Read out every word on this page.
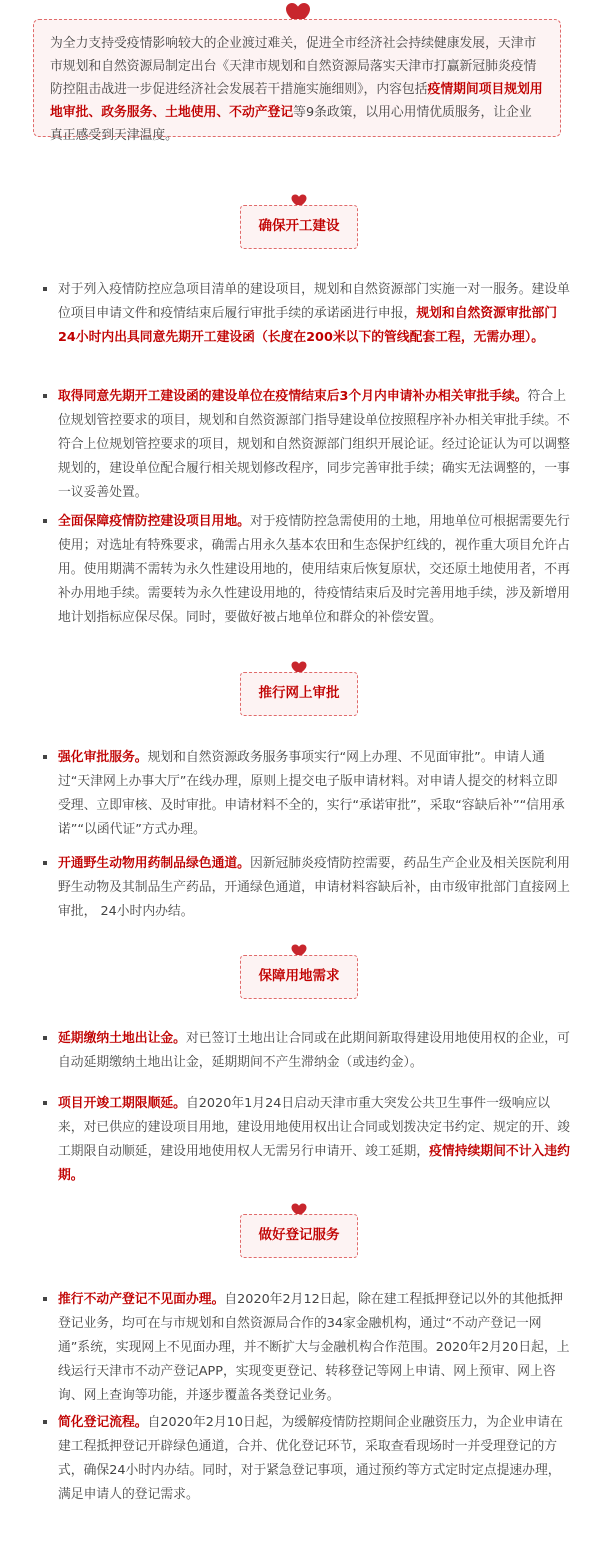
为全力支持受疫情影响较大的企业渡过难关，促进全市经济社会持续健康发展，天津市市规划和自然资源局制定出台《天津市规划和自然资源局落实天津市打赢新冠肺炎疫情防控阻击战进一步促进经济社会发展若干措施实施细则》，内容包括疫情期间项目规划用地审批、政务服务、土地使用、不动产登记等9条政策，以用心用情优质服务，让企业真正感受到天津温度。
确保开工建设
对于列入疫情防控应急项目清单的建设项目，规划和自然资源部门实施一对一服务。建设单位项目申请文件和疫情结束后履行审批手续的承诺函进行申报，规划和自然资源审批部门24小时内出具同意先期开工建设函（长度在200米以下的管线配套工程，无需办理）。
取得同意先期开工建设函的建设单位在疫情结束后3个月内申请补办相关审批手续。符合上位规划管控要求的项目，规划和自然资源部门指导建设单位按照程序补办相关审批手续。不符合上位规划管控要求的项目，规划和自然资源部门组织开展论证。经过论证认为可以调整规划的，建设单位配合履行相关规划修改程序，同步完善审批手续；确实无法调整的，一事一议妥善处置。
全面保障疫情防控建设项目用地。对于疫情防控急需使用的土地，用地单位可根据需要先行使用；对选址有特殊要求，确需占用永久基本农田和生态保护红线的，视作重大项目允许占用。使用期满不需转为永久性建设用地的，使用结束后恢复原状，交还原土地使用者，不再补办用地手续。需要转为永久性建设用地的，待疫情结束后及时完善用地手续，涉及新增用地计划指标应保尽保。同时，要做好被占地单位和群众的补偿安置。
推行网上审批
强化审批服务。规划和自然资源政务服务事项实行“网上办理、不见面审批”。申请人通过“天津网上办事大厅”在线办理，原则上提交电子版申请材料。对申请人提交的材料立即受理、立即审核、及时审批。申请材料不全的，实行“承诺审批”，采取“容缺后补”“信用承诺”“以函代证”方式办理。
开通野生动物用药制品绿色通道。因新冠肺炎疫情防控需要，药品生产企业及相关医院利用野生动物及其制品生产药品，开通绿色通道，申请材料容缺后补，由市级审批部门直接网上审批， 24小时内办结。
保障用地需求
延期缴纳土地出让金。对已签订土地出让合同或在此期间新取得建设用地使用权的企业，可自动延期缴纳土地出让金，延期期间不产生滞纳金（或违约金）。
项目开竣工期限顺延。自2020年1月24日启动天津市重大突发公共卫生事件一级响应以来，对已供应的建设项目用地，建设用地使用权出让合同或划拨决定书约定、规定的开、竣工期限自动顺延，建设用地使用权人无需另行申请开、竣工延期，疫情持续期间不计入违约期。
做好登记服务
推行不动产登记不见面办理。自2020年2月12日起，除在建工程抵押登记以外的其他抵押登记业务，均可在与市规划和自然资源局合作的34家金融机构，通过“不动产登记一网通”系统，实现网上不见面办理，并不断扩大与金融机构合作范围。2020年2月20日起，上线运行天津市不动产登记APP，实现变更登记、转移登记等网上申请、网上预审、网上咨询、网上查询等功能，并逐步覆盖各类登记业务。
简化登记流程。自2020年2月10日起，为缓解疫情防控期间企业融资压力，为企业申请在建工程抵押登记开辟绿色通道，合并、优化登记环节，采取查看现场时一并受理登记的方式，确保24小时内办结。同时，对于紧急登记事项，通过预约等方式定时定点提速办理，满足申请人的登记需求。
